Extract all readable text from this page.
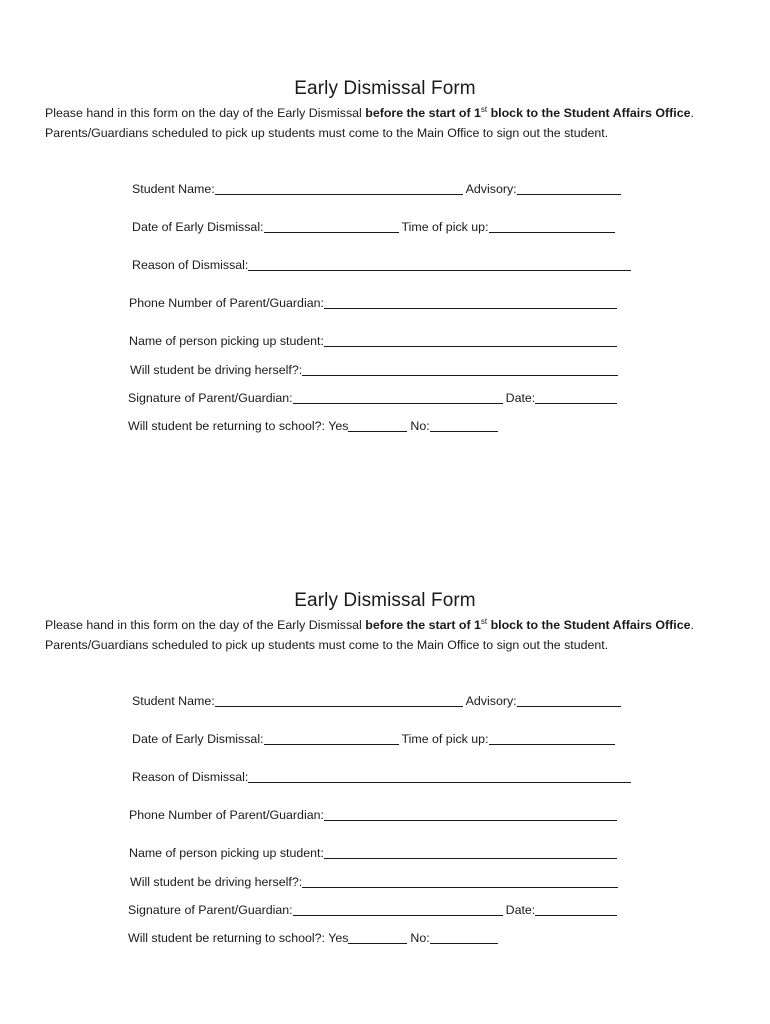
Early Dismissal Form
Please hand in this form on the day of the Early Dismissal before the start of 1st block to the Student Affairs Office. Parents/Guardians scheduled to pick up students must come to the Main Office to sign out the student.
Student Name:	Advisory:
Date of Early Dismissal:	Time of pick up:
Reason of Dismissal:
Phone Number of Parent/Guardian:
Name of person picking up student:
Will student be driving herself?:
Signature of Parent/Guardian:	Date:
Will student be returning to school?: Yes	No:
Early Dismissal Form
Please hand in this form on the day of the Early Dismissal before the start of 1st block to the Student Affairs Office. Parents/Guardians scheduled to pick up students must come to the Main Office to sign out the student.
Student Name:	Advisory:
Date of Early Dismissal:	Time of pick up:
Reason of Dismissal:
Phone Number of Parent/Guardian:
Name of person picking up student:
Will student be driving herself?:
Signature of Parent/Guardian:	Date:
Will student be returning to school?: Yes	No:
